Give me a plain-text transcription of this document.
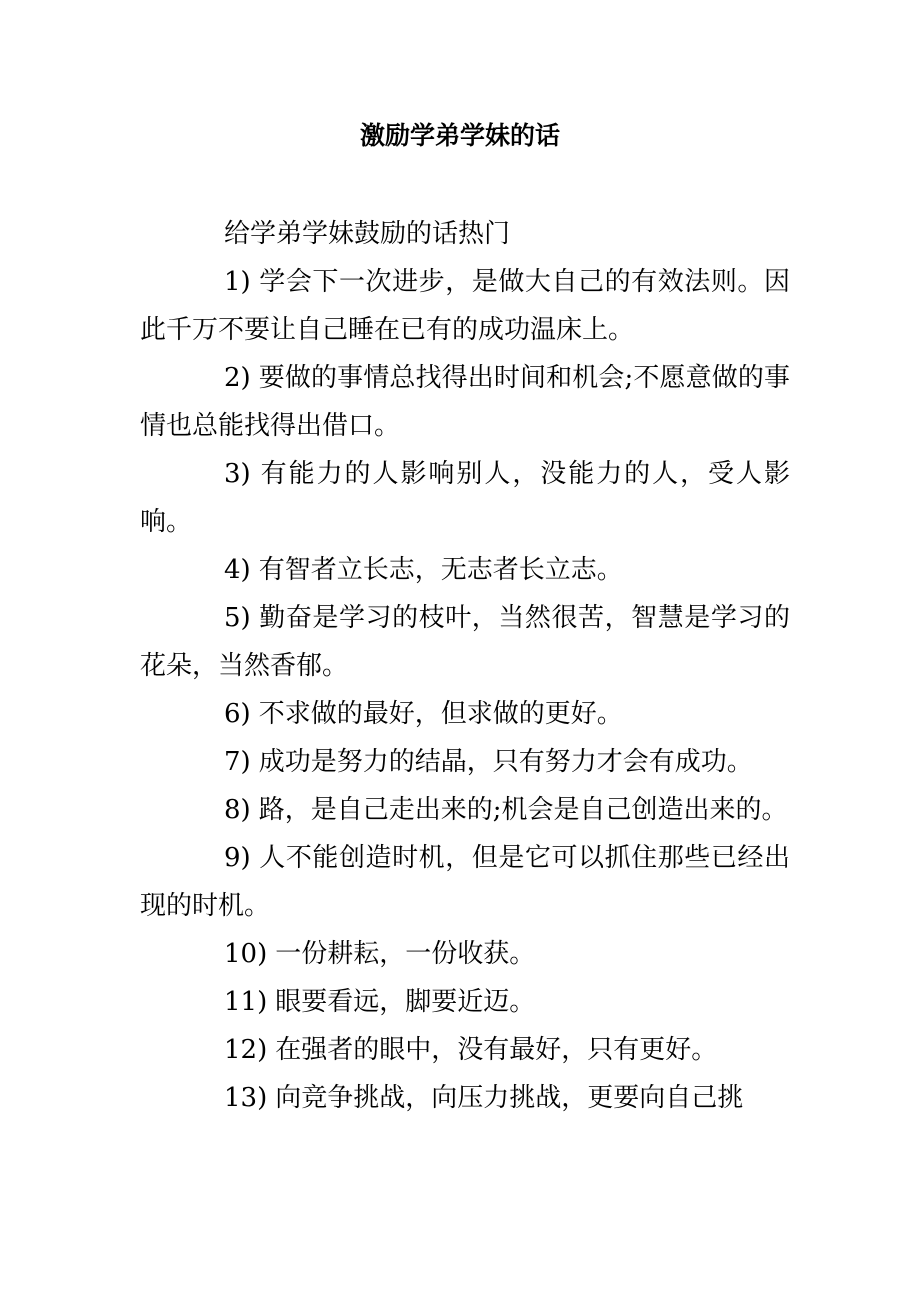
激励学弟学妹的话

给学弟学妹鼓励的话热门

1) 学会下一次进步，是做大自己的有效法则。因此千万不要让自己睡在已有的成功温床上。

2) 要做的事情总找得出时间和机会;不愿意做的事情也总能找得出借口。

3) 有能力的人影响别人，没能力的人，受人影响。

4) 有智者立长志，无志者长立志。

5) 勤奋是学习的枝叶，当然很苦，智慧是学习的花朵，当然香郁。

6) 不求做的最好，但求做的更好。

7) 成功是努力的结晶，只有努力才会有成功。

8) 路，是自己走出来的;机会是自己创造出来的。

9) 人不能创造时机，但是它可以抓住那些已经出现的时机。

10) 一份耕耘，一份收获。

11) 眼要看远，脚要近迈。

12) 在强者的眼中，没有最好，只有更好。

13) 向竞争挑战，向压力挑战，更要向自己挑
